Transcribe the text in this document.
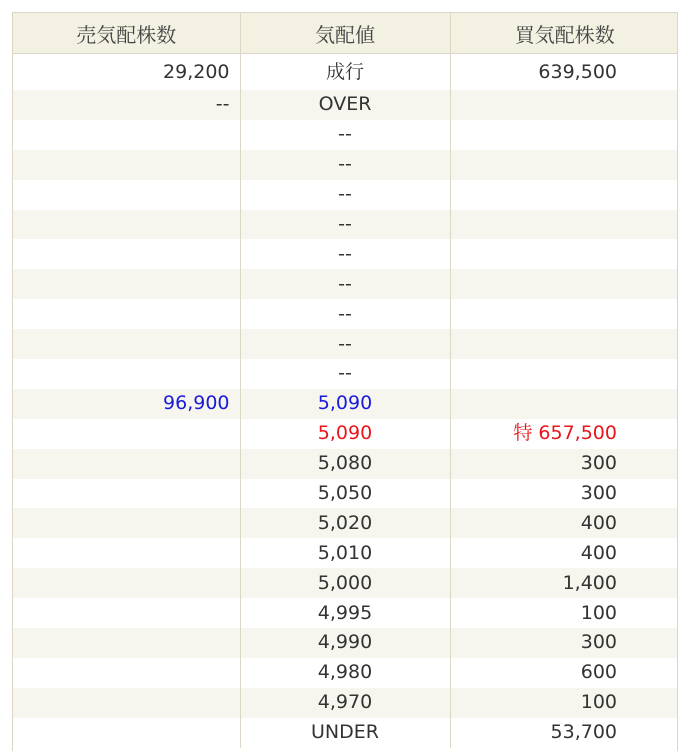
売気配株数	気配値	買気配株数
29,200	成行	639,500
--	OVER	
	--	
	--	
	--	
	--	
	--	
	--	
	--	
	--	
	--	
96,900	5,090	
	5,090	特 657,500
	5,080	300
	5,050	300
	5,020	400
	5,010	400
	5,000	1,400
	4,995	100
	4,990	300
	4,980	600
	4,970	100
	UNDER	53,700
